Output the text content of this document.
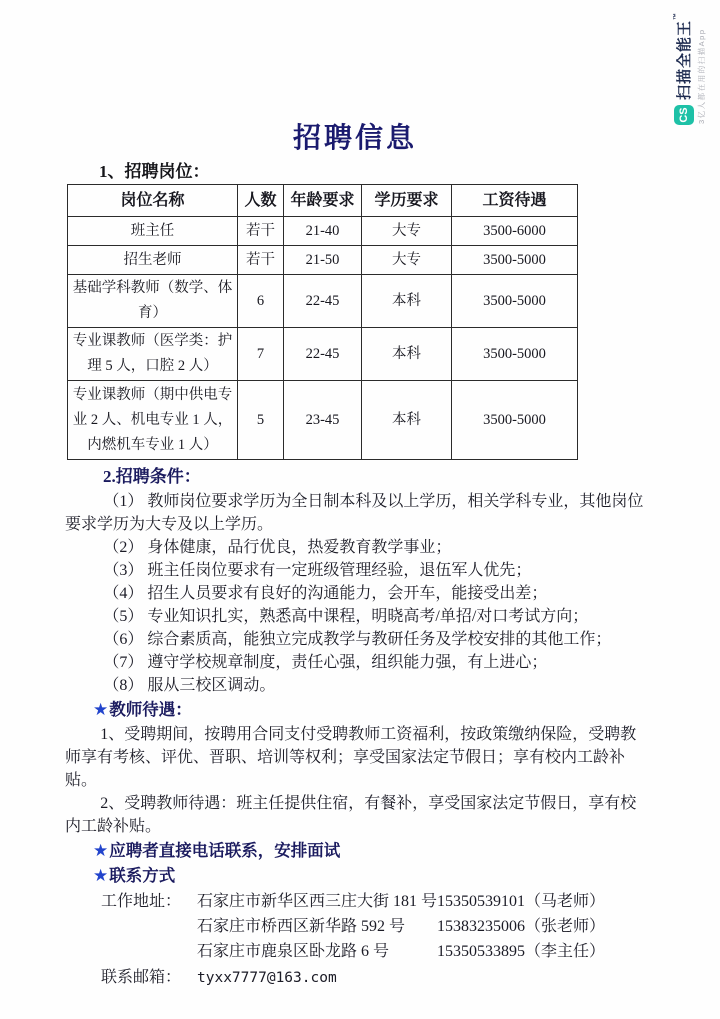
CS
扫描全能王™
3亿人都在用的扫描App
招聘信息
1、招聘岗位：
岗位名称	人数	年龄要求	学历要求	工资待遇
班主任	若干	21-40	大专	3500-6000
招生老师	若干	21-50	大专	3500-5000
基础学科教师（数学、体育）	6	22-45	本科	3500-5000
专业课教师（医学类：护理 5 人，口腔 2 人）	7	22-45	本科	3500-5000
专业课教师（期中供电专业 2 人、机电专业 1 人，内燃机车专业 1 人）	5	23-45	本科	3500-5000
2.招聘条件：

（1） 教师岗位要求学历为全日制本科及以上学历，相关学科专业，其他岗位要求学历为大专及以上学历。

（2） 身体健康，品行优良，热爱教育教学事业；

（3） 班主任岗位要求有一定班级管理经验，退伍军人优先；

（4） 招生人员要求有良好的沟通能力，会开车，能接受出差；

（5） 专业知识扎实，熟悉高中课程，明晓高考/单招/对口考试方向；

（6） 综合素质高，能独立完成教学与教研任务及学校安排的其他工作；

（7） 遵守学校规章制度，责任心强，组织能力强，有上进心；

（8） 服从三校区调动。

★教师待遇：

1、受聘期间，按聘用合同支付受聘教师工资福利，按政策缴纳保险，受聘教师享有考核、评优、晋职、培训等权利；享受国家法定节假日；享有校内工龄补贴。

2、受聘教师待遇：班主任提供住宿，有餐补，享受国家法定节假日，享有校内工龄补贴。

★应聘者直接电话联系，安排面试
★联系方式
工作地址： 石家庄市新华区西三庄大街 181 号 15350539101（马老师）
石家庄市桥西区新华路 592 号	15383235006（张老师）
石家庄市鹿泉区卧龙路 6 号	15350533895（李主任）
联系邮箱：	tyxx7777@163.com
